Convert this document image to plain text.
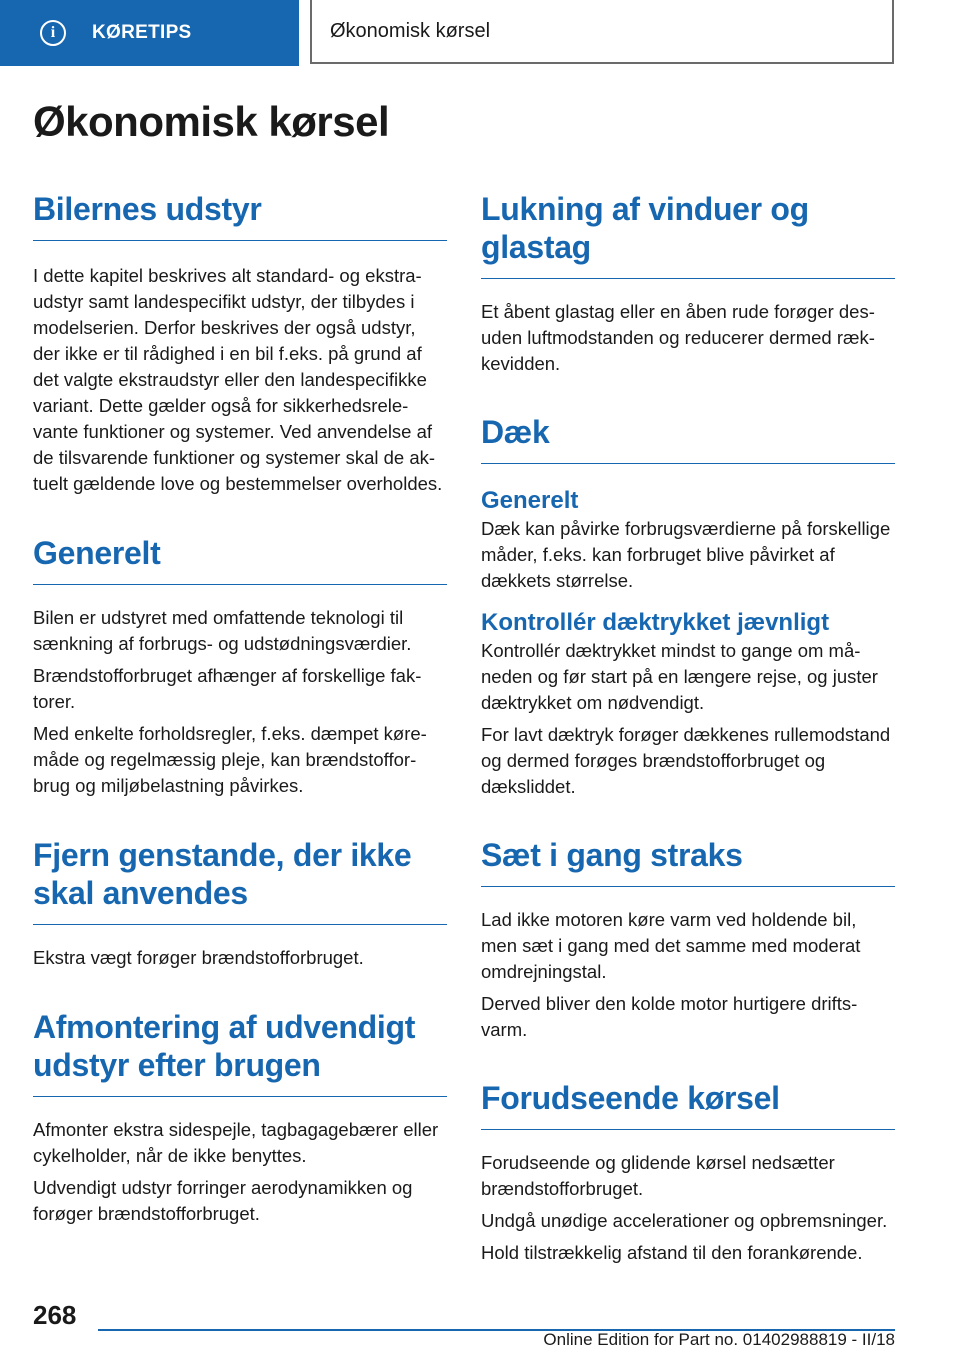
i	KØRETIPS	Økonomisk kørsel
Økonomisk kørsel
Bilernes udstyr

I dette kapitel beskrives alt standard- og ekstraudstyr samt landespecifikt udstyr, der tilbydes i modelserien. Derfor beskrives der også udstyr, der ikke er til rådighed i en bil f.eks. på grund af det valgte ekstraudstyr eller den landespecifikke variant. Dette gælder også for sikkerhedsrelevante funktioner og systemer. Ved anvendelse af de tilsvarende funktioner og systemer skal de aktuelt gældende love og bestemmelser overholdes.

Generelt

Bilen er udstyret med omfattende teknologi til sænkning af forbrugs- og udstødningsværdier.

Brændstofforbruget afhænger af forskellige faktorer.

Med enkelte forholdsregler, f.eks. dæmpet køremåde og regelmæssig pleje, kan brændstofforbrug og miljøbelastning påvirkes.

Fjern genstande, der ikke skal anvendes

Ekstra vægt forøger brændstofforbruget.

Afmontering af udvendigt udstyr efter brugen

Afmonter ekstra sidespejle, tagbagagebærer eller cykelholder, når de ikke benyttes.

Udvendigt udstyr forringer aerodynamikken og forøger brændstofforbruget.

Lukning af vinduer og glastag

Et åbent glastag eller en åben rude forøger desuden luftmodstanden og reducerer dermed rækkevidden.

Dæk
Generelt

Dæk kan påvirke forbrugsværdierne på forskellige måder, f.eks. kan forbruget blive påvirket af dækkets størrelse.

Kontrollér dæktrykket jævnligt

Kontrollér dæktrykket mindst to gange om måneden og før start på en længere rejse, og juster dæktrykket om nødvendigt.

For lavt dæktryk forøger dækkenes rullemodstand og dermed forøges brændstofforbruget og dæksliddet.

Sæt i gang straks

Lad ikke motoren køre varm ved holdende bil, men sæt i gang med det samme med moderat omdrejningstal.

Derved bliver den kolde motor hurtigere driftsvarm.

Forudseende kørsel

Forudseende og glidende kørsel nedsætter brændstofforbruget.

Undgå unødige accelerationer og opbremsninger.

Hold tilstrækkelig afstand til den forankørende.

268
Online Edition for Part no. 01402988819 - II/18
